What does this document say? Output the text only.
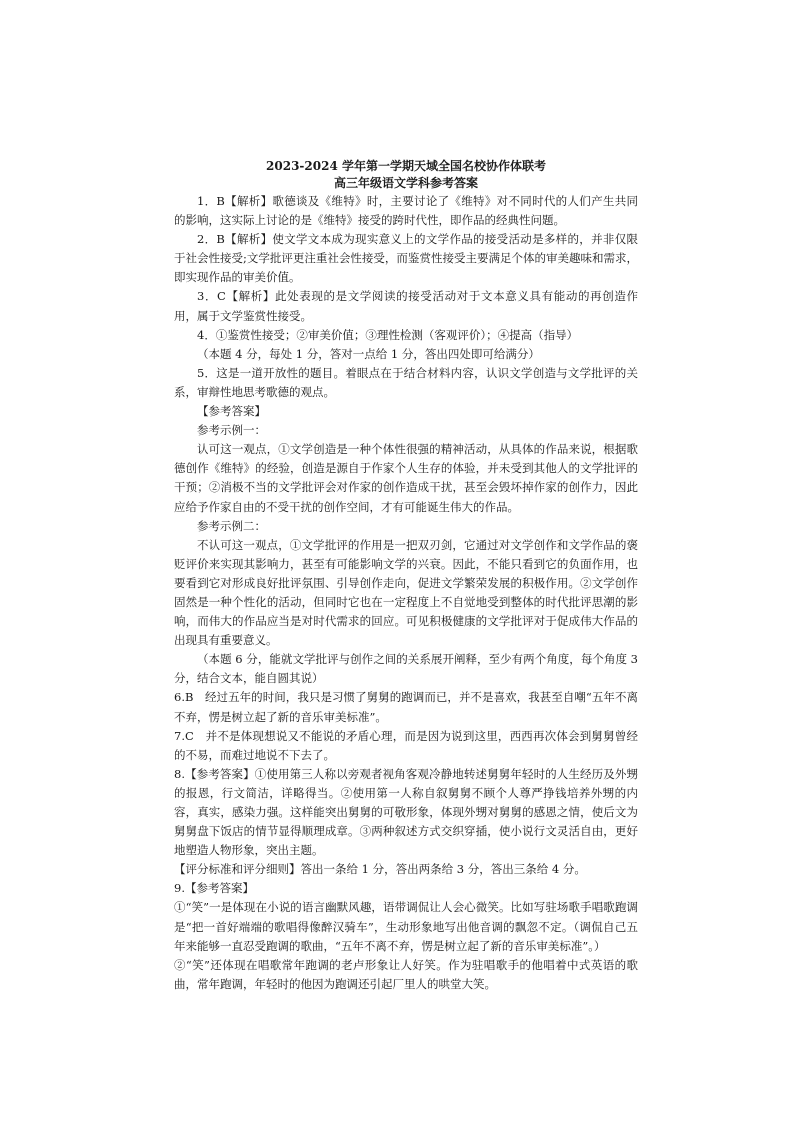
2023-2024 学年第一学期天域全国名校协作体联考
高三年级语文学科参考答案

1．B【解析】歌德谈及《维特》时，主要讨论了《维特》对不同时代的人们产生共同的影响，这实际上讨论的是《维特》接受的跨时代性，即作品的经典性问题。

2．B【解析】使文学文本成为现实意义上的文学作品的接受活动是多样的，并非仅限于社会性接受;文学批评更注重社会性接受，而鉴赏性接受主要满足个体的审美趣味和需求，即实现作品的审美价值。

3．C【解析】此处表现的是文学阅读的接受活动对于文本意义具有能动的再创造作用，属于文学鉴赏性接受。

4．①鉴赏性接受；②审美价值；③理性检测（客观评价）；④提高（指导）

（本题 4 分，每处 1 分，答对一点给 1 分，答出四处即可给满分）

5．这是一道开放性的题目。着眼点在于结合材料内容，认识文学创造与文学批评的关系，审辩性地思考歌德的观点。

【参考答案】

参考示例一：

认可这一观点，①文学创造是一种个体性很强的精神活动，从具体的作品来说，根据歌德创作《维特》的经验，创造是源自于作家个人生存的体验，并未受到其他人的文学批评的干预；②消极不当的文学批评会对作家的创作造成干扰，甚至会毁坏掉作家的创作力，因此应给予作家自由的不受干扰的创作空间，才有可能诞生伟大的作品。

参考示例二：

不认可这一观点，①文学批评的作用是一把双刃剑，它通过对文学创作和文学作品的褒贬评价来实现其影响力，甚至有可能影响文学的兴衰。因此，不能只看到它的负面作用，也要看到它对形成良好批评氛围、引导创作走向，促进文学繁荣发展的积极作用。②文学创作固然是一种个性化的活动，但同时它也在一定程度上不自觉地受到整体的时代批评思潮的影响，而伟大的作品应当是对时代需求的回应。可见积极健康的文学批评对于促成伟大作品的出现具有重要意义。

（本题 6 分，能就文学批评与创作之间的关系展开阐释，至少有两个角度，每个角度 3 分，结合文本，能自圆其说）

6.B　经过五年的时间，我只是习惯了舅舅的跑调而已，并不是喜欢，我甚至自嘲“五年不离不弃，愣是树立起了新的音乐审美标准”。

7.C　并不是体现想说又不能说的矛盾心理，而是因为说到这里，西西再次体会到舅舅曾经的不易，而难过地说不下去了。

8.【参考答案】①使用第三人称以旁观者视角客观冷静地转述舅舅年轻时的人生经历及外甥的报恩，行文简洁，详略得当。②使用第一人称自叙舅舅不顾个人尊严挣钱培养外甥的内容，真实，感染力强。这样能突出舅舅的可敬形象，体现外甥对舅舅的感恩之情，使后文为舅舅盘下饭店的情节显得顺理成章。③两种叙述方式交织穿插，使小说行文灵活自由，更好地塑造人物形象，突出主题。

【评分标准和评分细则】答出一条给 1 分，答出两条给 3 分，答出三条给 4 分。

9.【参考答案】

①“笑”一是体现在小说的语言幽默风趣，语带调侃让人会心微笑。比如写驻场歌手唱歌跑调是“把一首好端端的歌唱得像醉汉骑车”，生动形象地写出他音调的飘忽不定。（调侃自己五年来能够一直忍受跑调的歌曲，“五年不离不弃，愣是树立起了新的音乐审美标准”。）

②“笑”还体现在唱歌常年跑调的老卢形象让人好笑。作为驻唱歌手的他唱着中式英语的歌曲，常年跑调，年轻时的他因为跑调还引起厂里人的哄堂大笑。
